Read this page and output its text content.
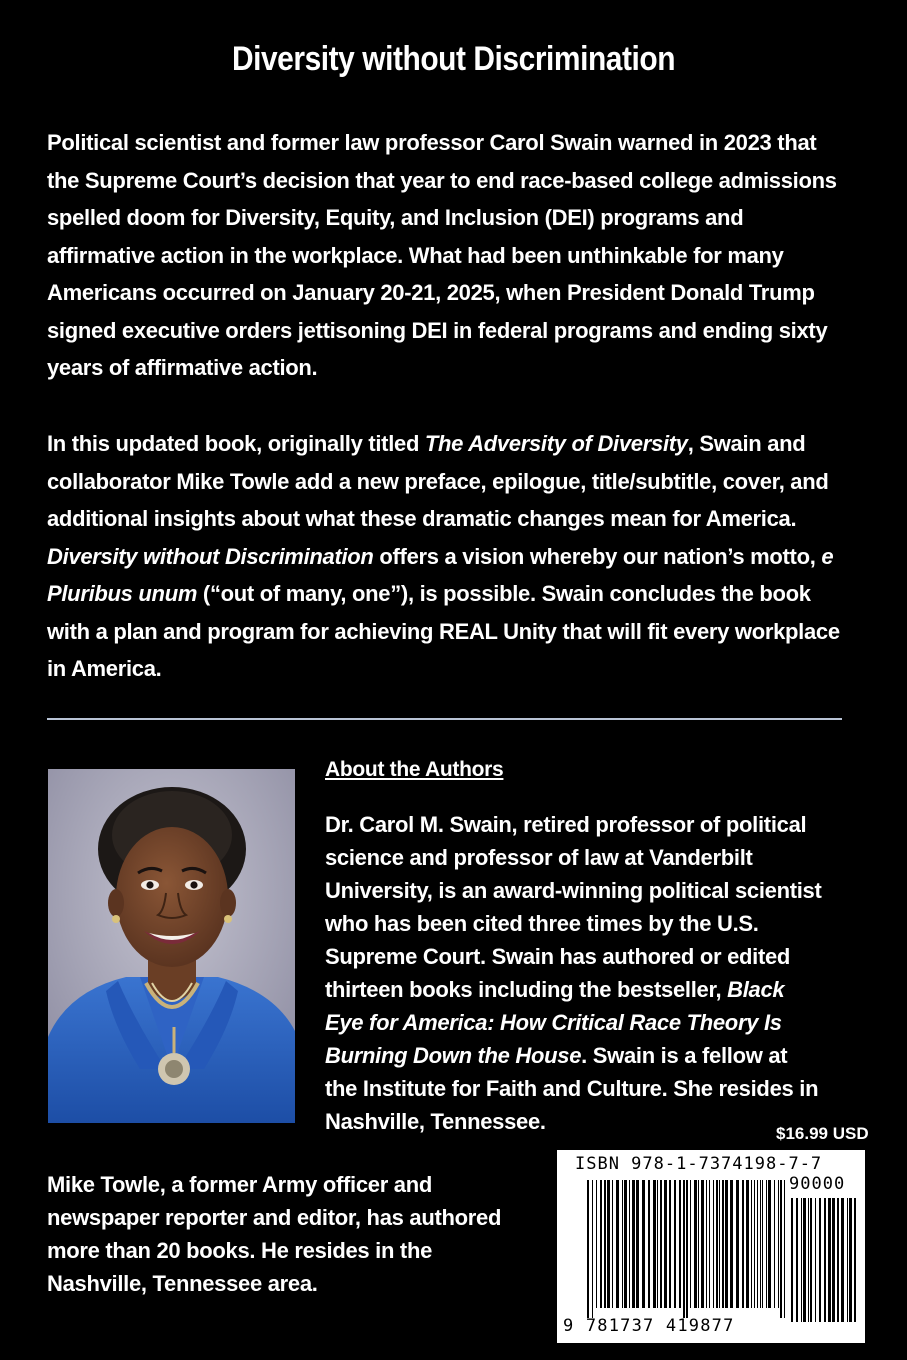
Diversity without Discrimination
Political scientist and former law professor Carol Swain warned in 2023 that the Supreme Court’s decision that year to end race-based college admissions spelled doom for Diversity, Equity, and Inclusion (DEI) programs and affirmative action in the workplace. What had been unthinkable for many Americans occurred on January 20-21, 2025, when President Donald Trump signed executive orders jettisoning DEI in federal programs and ending sixty years of affirmative action.
In this updated book, originally titled The Adversity of Diversity, Swain and collaborator Mike Towle add a new preface, epilogue, title/subtitle, cover, and additional insights about what these dramatic changes mean for America. Diversity without Discrimination offers a vision whereby our nation’s motto, e Pluribus unum (“out of many, one”), is possible. Swain concludes the book with a plan and program for achieving REAL Unity that will fit every workplace in America.
About the Authors
Dr. Carol M. Swain, retired professor of political science and professor of law at Vanderbilt University, is an award-winning political scientist who has been cited three times by the U.S. Supreme Court. Swain has authored or edited thirteen books including the bestseller, Black Eye for America: How Critical Race Theory Is Burning Down the House. Swain is a fellow at the Institute for Faith and Culture. She resides in Nashville, Tennessee.
Mike Towle, a former Army officer and newspaper reporter and editor, has authored more than 20 books. He resides in the Nashville, Tennessee area.
$16.99 USD
ISBN 978-1-7374198-7-7
90000
9 781737 419877
